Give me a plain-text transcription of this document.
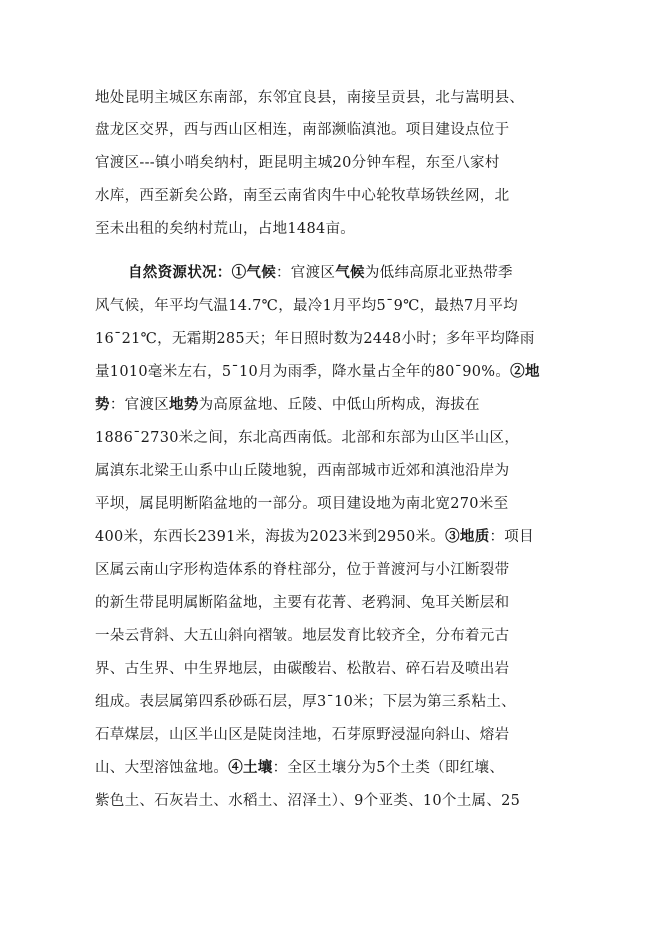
地处昆明主城区东南部，东邻宜良县，南接呈贡县，北与嵩明县、
盘龙区交界，西与西山区相连，南部濒临滇池。项目建设点位于
官渡区---镇小哨矣纳村，距昆明主城20分钟车程，东至八家村
水库，西至新矣公路，南至云南省肉牛中心轮牧草场铁丝网，北
至未出租的矣纳村荒山，占地1484亩。
自然资源状况：①气候：官渡区气候为低纬高原北亚热带季
风气候，年平均气温14.7℃，最冷1月平均5¯9℃，最热7月平均
16¯21℃，无霜期285天；年日照时数为2448小时；多年平均降雨
量1010毫米左右，5¯10月为雨季，降水量占全年的80¯90%。②地
势：官渡区地势为高原盆地、丘陵、中低山所构成，海拔在
1886¯2730米之间，东北高西南低。北部和东部为山区半山区，
属滇东北梁王山系中山丘陵地貌，西南部城市近郊和滇池沿岸为
平坝，属昆明断陷盆地的一部分。项目建设地为南北宽270米至
400米，东西长2391米，海拔为2023米到2950米。③地质：项目
区属云南山字形构造体系的脊柱部分，位于普渡河与小江断裂带
的新生带昆明属断陷盆地，主要有花菁、老鸦洞、兔耳关断层和
一朵云背斜、大五山斜向褶皱。地层发育比较齐全，分布着元古
界、古生界、中生界地层，由碳酸岩、松散岩、碎石岩及喷出岩
组成。表层属第四系砂砾石层，厚3¯10米；下层为第三系粘土、
石草煤层，山区半山区是陡岗洼地，石芽原野浸湿向斜山、熔岩
山、大型溶蚀盆地。④土壤：全区土壤分为5个土类（即红壤、
紫色土、石灰岩土、水稻土、沼泽土）、9个亚类、10个土属、25
